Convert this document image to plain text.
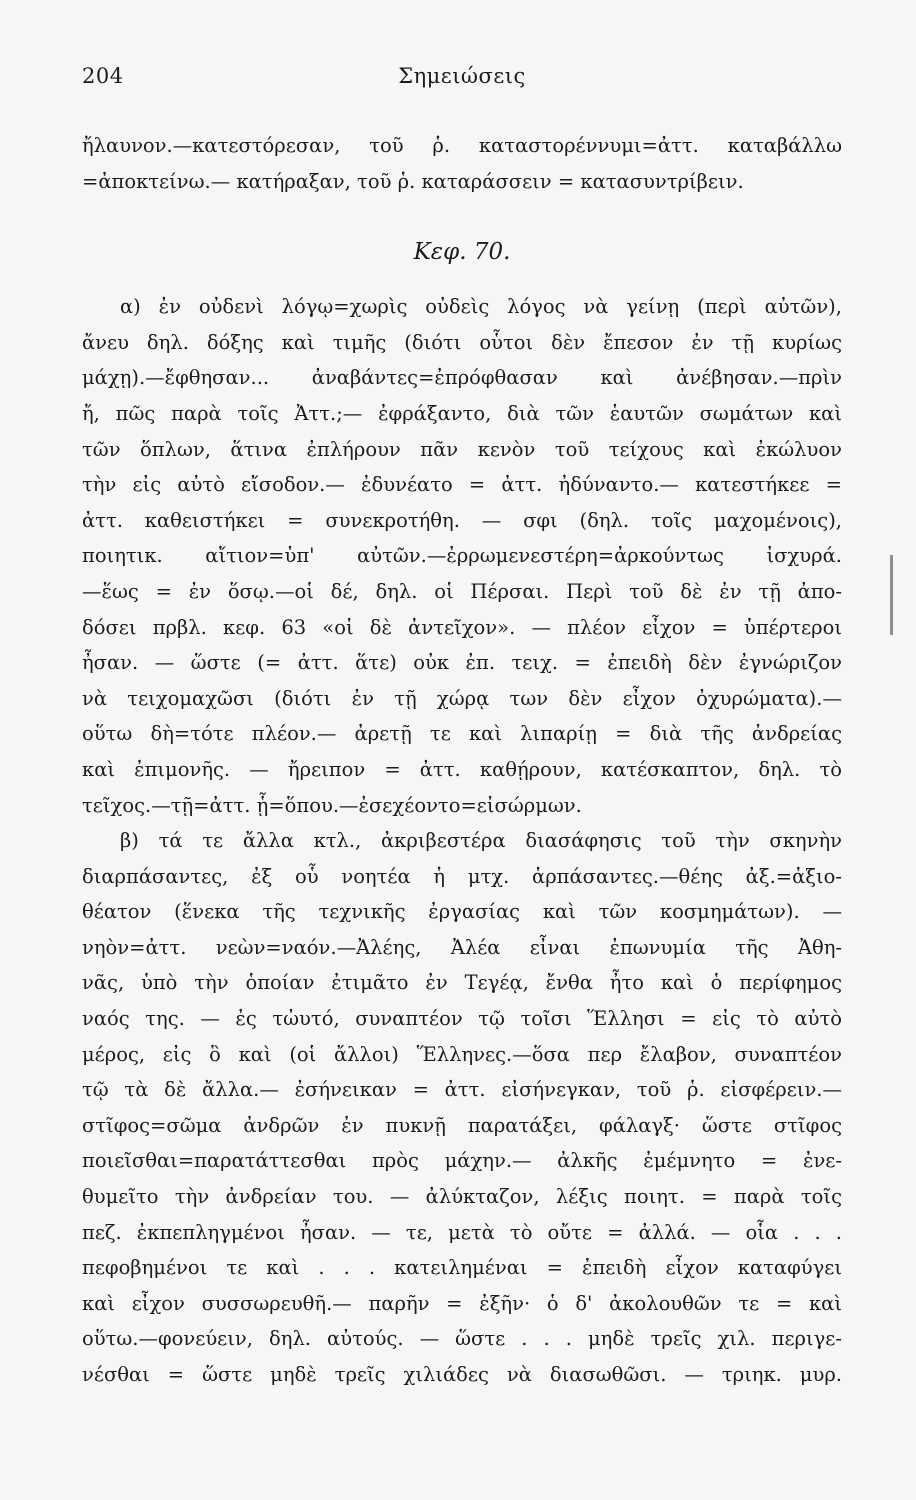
204	Σημειώσεις
ἤλαυνον.—κατεστόρεσαν, τοῦ ῥ. καταστορέννυμι=ἀττ. καταβάλλω
=ἀποκτείνω.— κατήραξαν, τοῦ ῥ. καταράσσειν = κατασυντρίβειν.
Κεφ. 70.
α) ἐν οὐδενὶ λόγῳ=χωρὶς οὐδεὶς λόγος νὰ γείνῃ (περὶ αὐτῶν),
ἄνευ δηλ. δόξης καὶ τιμῆς (διότι οὗτοι δὲν ἔπεσον ἐν τῇ κυρίως
μάχῃ).—ἔφθησαν... ἀναβάντες=ἐπρόφθασαν καὶ ἀνέβησαν.—πρὶν
ἤ, πῶς παρὰ τοῖς Ἀττ.;— ἐφράξαντο, διὰ τῶν ἑαυτῶν σωμάτων καὶ
τῶν ὅπλων, ἅτινα ἐπλήρουν πᾶν κενὸν τοῦ τείχους καὶ ἐκώλυον
τὴν εἰς αὐτὸ εἴσοδον.— ἐδυνέατο = ἀττ. ἠδύναντο.— κατεστήκεε =
ἀττ. καθειστήκει = συνεκροτήθη. — σφι (δηλ. τοῖς μαχομένοις),
ποιητικ. αἴτιον=ὑπ' αὐτῶν.—ἐρρωμενεστέρη=ἀρκούντως ἰσχυρά.
—ἕως = ἐν ὅσῳ.—οἱ δέ, δηλ. οἱ Πέρσαι. Περὶ τοῦ δὲ ἐν τῇ ἀπο-
δόσει πρβλ. κεφ. 63 «οἱ δὲ ἀντεῖχον». — πλέον εἶχον = ὑπέρτεροι
ἦσαν. — ὥστε (= ἀττ. ἅτε) οὐκ ἐπ. τειχ. = ἐπειδὴ δὲν ἐγνώριζον
νὰ τειχομαχῶσι (διότι ἐν τῇ χώρᾳ των δὲν εἶχον ὀχυρώματα).—
οὕτω δὴ=τότε πλέον.— ἀρετῇ τε καὶ λιπαρίῃ = διὰ τῆς ἀνδρείας
καὶ ἐπιμονῆς. — ἤρειπον = ἀττ. καθῄρουν, κατέσκαπτον, δηλ. τὸ
τεῖχος.—τῇ=ἀττ. ᾗ=ὅπου.—ἐσεχέοντο=εἰσώρμων.
β) τά τε ἄλλα κτλ., ἀκριβεστέρα διασάφησις τοῦ τὴν σκηνὴν
διαρπάσαντες, ἐξ οὗ νοητέα ἡ μτχ. ἁρπάσαντες.—θέης ἀξ.=ἀξιο-
θέατον (ἕνεκα τῆς τεχνικῆς ἐργασίας καὶ τῶν κοσμημάτων). —
νηὸν=ἀττ. νεὼν=ναόν.—Ἀλέης, Ἀλέα εἶναι ἐπωνυμία τῆς Ἀθη-
νᾶς, ὑπὸ τὴν ὁποίαν ἐτιμᾶτο ἐν Τεγέᾳ, ἔνθα ἦτο καὶ ὁ περίφημος
ναός της. — ἐς τὠυτό, συναπτέον τῷ τοῖσι Ἕλλησι = εἰς τὸ αὐτὸ
μέρος, εἰς ὃ καὶ (οἱ ἄλλοι) Ἕλληνες.—ὅσα περ ἔλαβον, συναπτέον
τῷ τὰ δὲ ἄλλα.— ἐσήνεικαν = ἀττ. εἰσήνεγκαν, τοῦ ῥ. εἰσφέρειν.—
στῖφος=σῶμα ἀνδρῶν ἐν πυκνῇ παρατάξει, φάλαγξ· ὥστε στῖφος
ποιεῖσθαι=παρατάττεσθαι πρὸς μάχην.— ἀλκῆς ἐμέμνητο = ἐνε-
θυμεῖτο τὴν ἀνδρείαν του. — ἀλύκταζον, λέξις ποιητ. = παρὰ τοῖς
πεζ. ἐκπεπληγμένοι ἦσαν. — τε, μετὰ τὸ οὔτε = ἀλλά. — οἷα . . .
πεφοβημένοι τε καὶ . . . κατειλημέναι = ἐπειδὴ εἶχον καταφύγει
καὶ εἶχον συσσωρευθῆ.— παρῆν = ἐξῆν· ὁ δ' ἀκολουθῶν τε = καὶ
οὕτω.—φονεύειν, δηλ. αὐτούς. — ὥστε . . . μηδὲ τρεῖς χιλ. περιγε-
νέσθαι = ὥστε μηδὲ τρεῖς χιλιάδες νὰ διασωθῶσι. — τριηκ. μυρ.
